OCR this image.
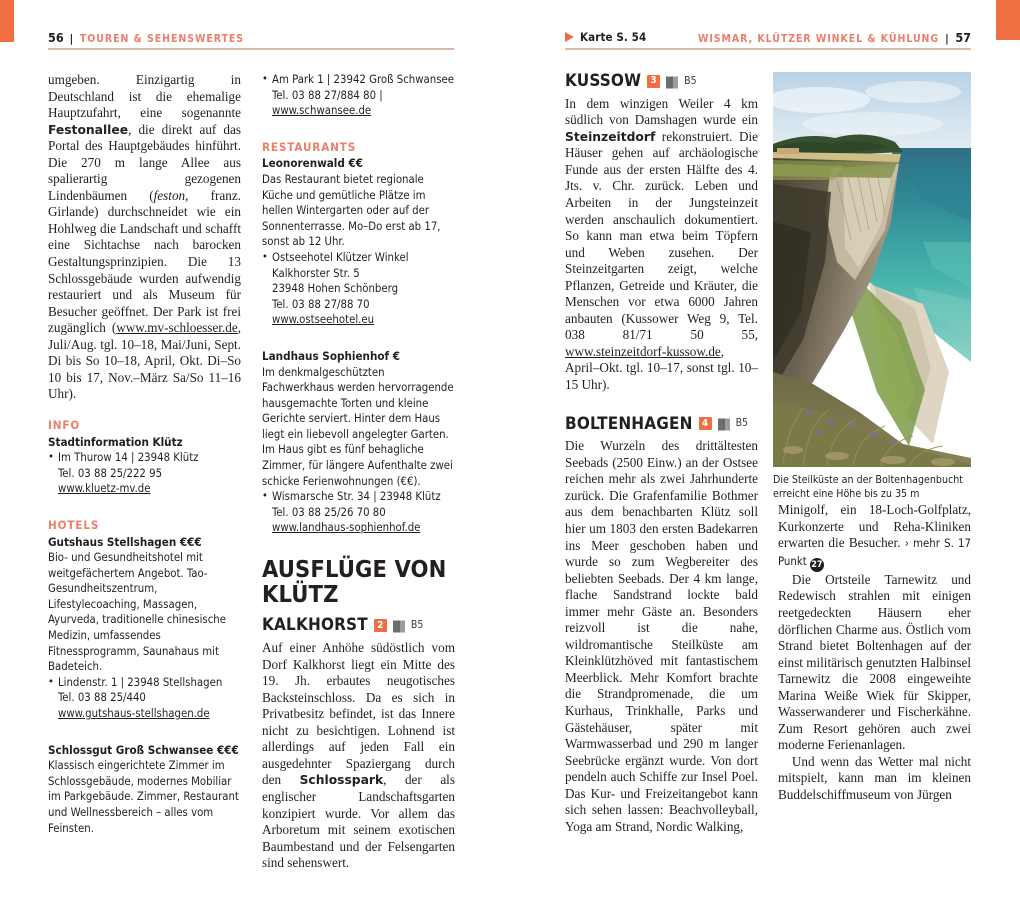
56 | TOUREN & SEHENSWERTES	Karte S. 54	WISMAR, KLÜTZER WINKEL & KÜHLUNG | 57

umgeben. Einzigartig in Deutschland ist die ehemalige Hauptzufahrt, eine sogenannte Festonallee, die direkt auf das Portal des Hauptgebäudes hinführt. Die 270 m lange Allee aus spalierartig gezogenen Lindenbäumen (feston, franz. Girlande) durchschneidet wie ein Hohlweg die Landschaft und schafft eine Sichtachse nach barocken Gestaltungsprinzipien. Die 13 Schlossgebäude wurden aufwendig restauriert und als Museum für Besucher geöffnet. Der Park ist frei zugänglich (www.mv-schloesser.de, Juli/Aug. tgl. 10–18, Mai/Juni, Sept. Di bis So 10–18, April, Okt. Di–So 10 bis 17, Nov.–März Sa/So 11–16 Uhr).

INFO
Stadtinformation Klütz
• Im Thurow 14 | 23948 Klütz
Tel. 03 88 25/222 95
www.kluetz-mv.de
HOTELS
Gutshaus Stellshagen €€€
Bio- und Gesundheitshotel mit weitgefächertem Angebot. Tao-Gesundheitszentrum, Lifestylecoaching, Massagen, Ayurveda, traditionelle chinesische Medizin, umfassendes Fitnessprogramm, Saunahaus mit Badeteich.
• Lindenstr. 1 | 23948 Stellshagen
Tel. 03 88 25/440
www.gutshaus-stellshagen.de
Schlossgut Groß Schwansee €€€
Klassisch eingerichtete Zimmer im Schlossgebäude, modernes Mobiliar im Parkgebäude. Zimmer, Restaurant und Wellnessbereich – alles vom Feinsten.
• Am Park 1 | 23942 Groß Schwansee
Tel. 03 88 27/884 80 | www.schwansee.de
RESTAURANTS
Leonorenwald €€
Das Restaurant bietet regionale Küche und gemütliche Plätze im hellen Wintergarten oder auf der Sonnenterrasse. Mo–Do erst ab 17, sonst ab 12 Uhr.
• Ostseehotel Klützer Winkel
Kalkhorster Str. 5
23948 Hohen Schönberg
Tel. 03 88 27/88 70
www.ostseehotel.eu
Landhaus Sophienhof €
Im denkmalgeschützten Fachwerkhaus werden hervorragende hausgemachte Torten und kleine Gerichte serviert. Hinter dem Haus liegt ein liebevoll angelegter Garten. Im Haus gibt es fünf behagliche Zimmer, für längere Aufenthalte zwei schicke Ferienwohnungen (€€).
• Wismarsche Str. 34 | 23948 Klütz
Tel. 03 88 25/26 70 80
www.landhaus-sophienhof.de
AUSFLÜGE VON KLÜTZ
KALKHORST 2	B5

Auf einer Anhöhe südöstlich vom Dorf Kalkhorst liegt ein Mitte des 19. Jh. erbautes neugotisches Backsteinschloss. Da es sich in Privatbesitz befindet, ist das Innere nicht zu besichtigen. Lohnend ist allerdings auf jeden Fall ein ausgedehnter Spaziergang durch den Schlosspark, der als englischer Landschaftsgarten konzipiert wurde. Vor allem das Arboretum mit seinem exotischen Baumbestand und der Felsengarten sind sehenswert.

KUSSOW 3	B5

In dem winzigen Weiler 4 km südlich von Damshagen wurde ein Steinzeitdorf rekonstruiert. Die Häuser gehen auf archäologische Funde aus der ersten Hälfte des 4. Jts. v. Chr. zurück. Leben und Arbeiten in der Jungsteinzeit werden anschaulich dokumentiert. So kann man etwa beim Töpfern und Weben zusehen. Der Steinzeitgarten zeigt, welche Pflanzen, Getreide und Kräuter, die Menschen vor etwa 6000 Jahren anbauten (Kussower Weg 9, Tel. 038 81/71 50 55, www.steinzeitdorf-kussow.de, April–Okt. tgl. 10–17, sonst tgl. 10–15 Uhr).

BOLTENHAGEN 4	B5

Die Wurzeln des drittältesten Seebads (2500 Einw.) an der Ostsee reichen mehr als zwei Jahrhunderte zurück. Die Grafenfamilie Bothmer aus dem benachbarten Klütz soll hier um 1803 den ersten Badekarren ins Meer geschoben haben und wurde so zum Wegbereiter des beliebten Seebads. Der 4 km lange, flache Sandstrand lockte bald immer mehr Gäste an. Besonders reizvoll ist die nahe, wildromantische Steilküste am Kleinklützhöved mit fantastischem Meerblick. Mehr Komfort brachte die Strandpromenade, die um Kurhaus, Trinkhalle, Parks und Gästehäuser, später mit Warmwasserbad und 290 m langer Seebrücke ergänzt wurde. Von dort pendeln auch Schiffe zur Insel Poel. Das Kur- und Freizeitangebot kann sich sehen lassen: Beachvolleyball, Yoga am Strand, Nordic Walking,

Die Steilküste an der Boltenhagenbucht erreicht eine Höhe bis zu 35 m

Minigolf, ein 18-Loch-Golfplatz, Kurkonzerte und Reha-Kliniken erwarten die Besucher. › mehr S. 17 Punkt 27

Die Ortsteile Tarnewitz und Redewisch strahlen mit einigen reetgedeckten Häusern eher dörflichen Charme aus. Östlich vom Strand bietet Boltenhagen auf der einst militärisch genutzten Halbinsel Tarnewitz die 2008 eingeweihte Marina Weiße Wiek für Skipper, Wasserwanderer und Fischerkähne. Zum Resort gehören auch zwei moderne Ferienanlagen.

Und wenn das Wetter mal nicht mitspielt, kann man im kleinen Buddelschiffmuseum von Jürgen
